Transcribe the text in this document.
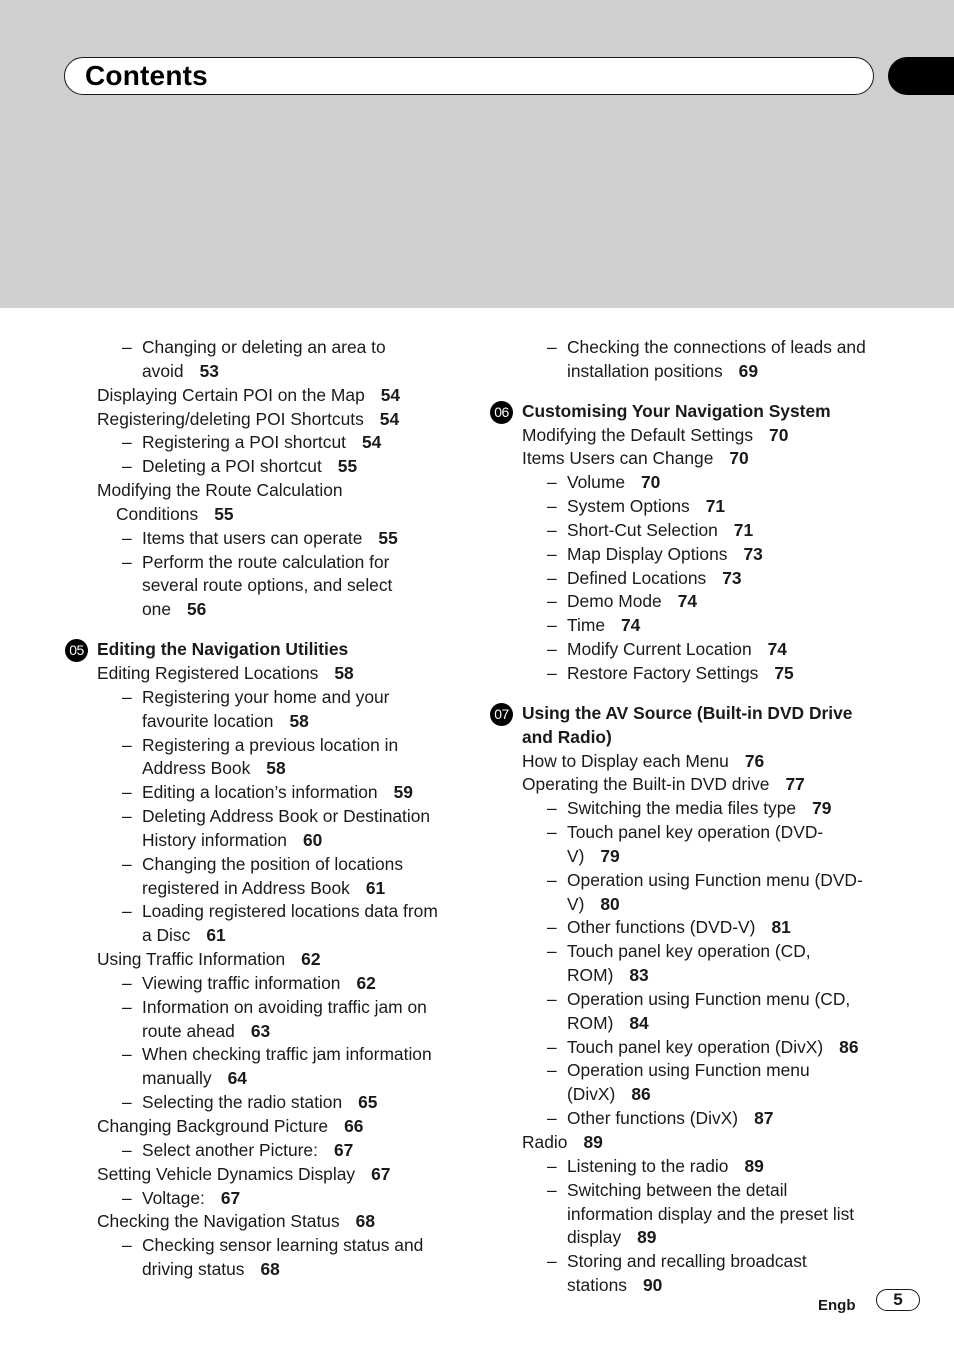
Contents
– Changing or deleting an area to avoid 53
Displaying Certain POI on the Map 54
Registering/deleting POI Shortcuts 54
– Registering a POI shortcut 54
– Deleting a POI shortcut 55
Modifying the Route Calculation Conditions 55
– Items that users can operate 55
– Perform the route calculation for several route options, and select one 56
05 Editing the Navigation Utilities
Editing Registered Locations 58
– Registering your home and your favourite location 58
– Registering a previous location in Address Book 58
– Editing a location’s information 59
– Deleting Address Book or Destination History information 60
– Changing the position of locations registered in Address Book 61
– Loading registered locations data from a Disc 61
Using Traffic Information 62
– Viewing traffic information 62
– Information on avoiding traffic jam on route ahead 63
– When checking traffic jam information manually 64
– Selecting the radio station 65
Changing Background Picture 66
– Select another Picture: 67
Setting Vehicle Dynamics Display 67
– Voltage: 67
Checking the Navigation Status 68
– Checking sensor learning status and driving status 68
– Checking the connections of leads and installation positions 69
06 Customising Your Navigation System
Modifying the Default Settings 70
Items Users can Change 70
– Volume 70
– System Options 71
– Short-Cut Selection 71
– Map Display Options 73
– Defined Locations 73
– Demo Mode 74
– Time 74
– Modify Current Location 74
– Restore Factory Settings 75
07 Using the AV Source (Built-in DVD Drive and Radio)
How to Display each Menu 76
Operating the Built-in DVD drive 77
– Switching the media files type 79
– Touch panel key operation (DVD-V) 79
– Operation using Function menu (DVD-V) 80
– Other functions (DVD-V) 81
– Touch panel key operation (CD, ROM) 83
– Operation using Function menu (CD, ROM) 84
– Touch panel key operation (DivX) 86
– Operation using Function menu (DivX) 86
– Other functions (DivX) 87
Radio 89
– Listening to the radio 89
– Switching between the detail information display and the preset list display 89
– Storing and recalling broadcast stations 90
Engb	5
